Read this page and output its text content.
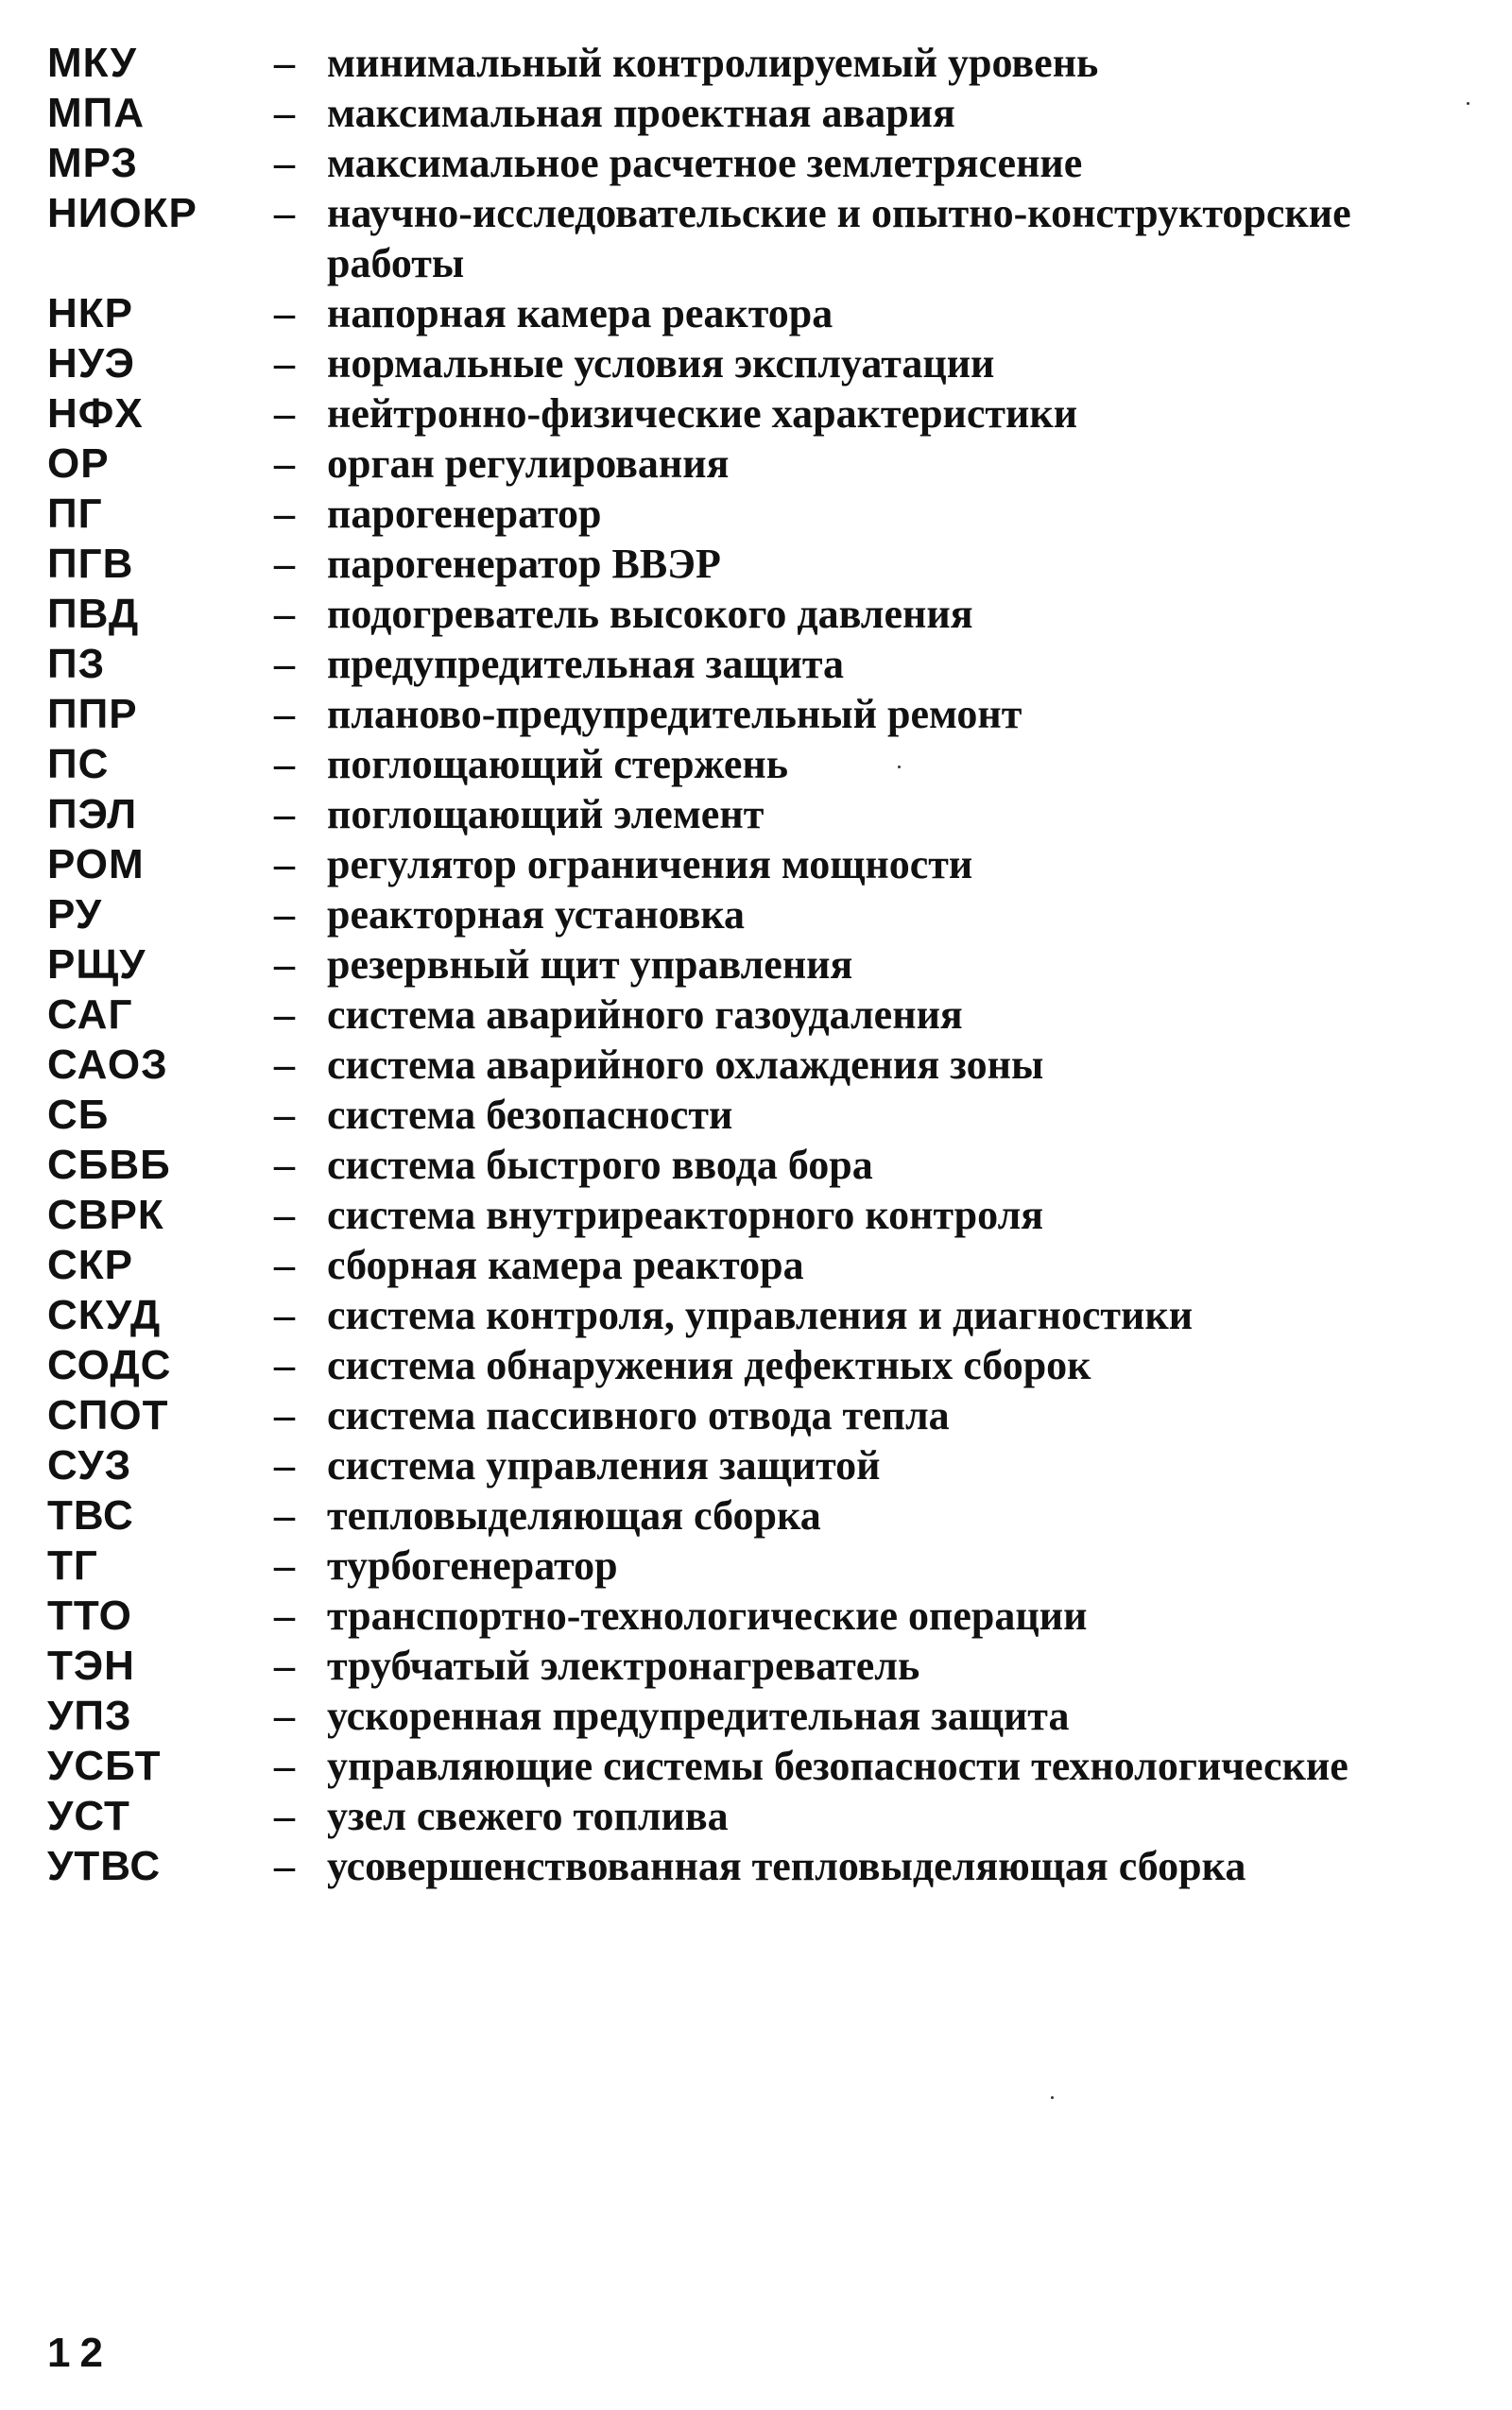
МКУ	– минимальный контролируемый уровень
МПА	– максимальная проектная авария
МРЗ	– максимальное расчетное землетрясение
НИОКР	– научно-исследовательские и опытно-конструкторские работы
НКР	– напорная камера реактора
НУЭ	– нормальные условия эксплуатации
НФХ	– нейтронно-физические характеристики
ОР	– орган регулирования
ПГ	– парогенератор
ПГВ	– парогенератор ВВЭР
ПВД	– подогреватель высокого давления
ПЗ	– предупредительная защита
ППР	– планово-предупредительный ремонт
ПС	– поглощающий стержень
ПЭЛ	– поглощающий элемент
РОМ	– регулятор ограничения мощности
РУ	– реакторная установка
РЩУ	– резервный щит управления
САГ	– система аварийного газоудаления
САОЗ	– система аварийного охлаждения зоны
СБ	– система безопасности
СБВБ	– система быстрого ввода бора
СВРК	– система внутриреакторного контроля
СКР	– сборная камера реактора
СКУД	– система контроля, управления и диагностики
СОДС	– система обнаружения дефектных сборок
СПОТ	– система пассивного отвода тепла
СУЗ	– система управления защитой
ТВС	– тепловыделяющая сборка
ТГ	– турбогенератор
ТТО	– транспортно-технологические операции
ТЭН	– трубчатый электронагреватель
УПЗ	– ускоренная предупредительная защита
УСБТ	– управляющие системы безопасности технологические
УСТ	– узел свежего топлива
УТВС	– усовершенствованная тепловыделяющая сборка
12
